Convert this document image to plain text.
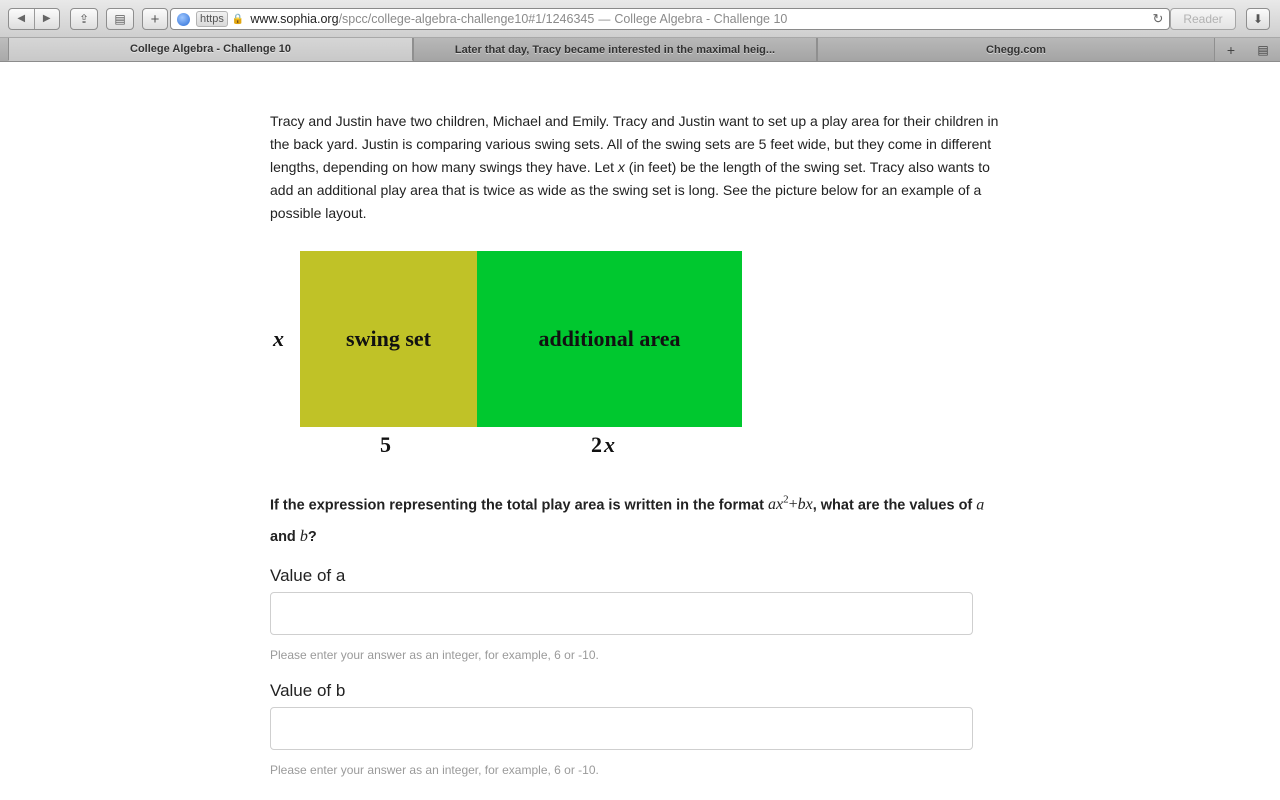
◀	▶	⇪ ▤ +	https 🔒 www.sophia.org /spcc/college-algebra-challenge10#1/1246345 — College Algebra - Challenge 10	↻	Reader	⬇
College Algebra - Challenge 10	Later that day, Tracy became interested in the maximal heig...	Chegg.com	+ ▤

Tracy and Justin have two children, Michael and Emily. Tracy and Justin want to set up a play area for their children in the back yard. Justin is comparing various swing sets. All of the swing sets are 5 feet wide, but they come in different lengths, depending on how many swings they have. Let x (in feet) be the length of the swing set. Tracy also wants to add an additional play area that is twice as wide as the swing set is long. See the picture below for an example of a possible layout.

x	swing set	additional area
5	2x
If the expression representing the total play area is written in the format $ax^2+bx$, what are the values of a and b?
Value of a
Please enter your answer as an integer, for example, 6 or -10.
Value of b
Please enter your answer as an integer, for example, 6 or -10.
